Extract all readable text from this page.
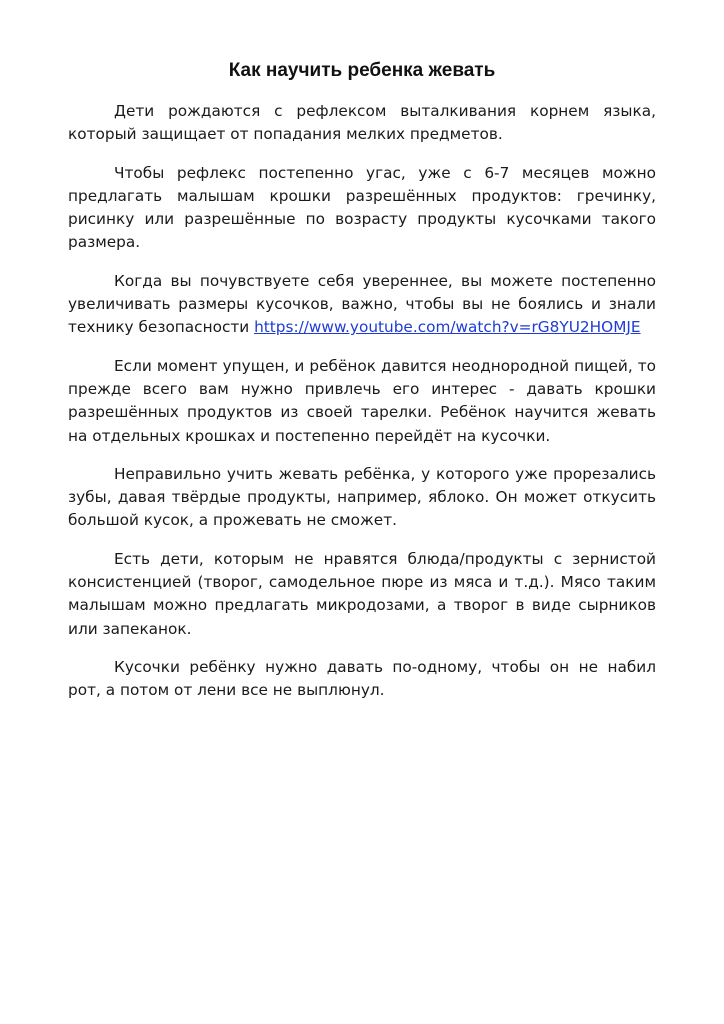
Как научить ребенка жевать

Дети рождаются с рефлексом выталкивания корнем языка, который защищает от попадания мелких предметов.

Чтобы рефлекс постепенно угас, уже с 6-7 месяцев можно предлагать малышам крошки разрешённых продуктов: гречинку, рисинку или разрешённые по возрасту продукты кусочками такого размера.

Когда вы почувствуете себя увереннее, вы можете постепенно увеличивать размеры кусочков, важно, чтобы вы не боялись и знали технику безопасности https://www.youtube.com/watch?v=rG8YU2HOMJE

Если момент упущен, и ребёнок давится неоднородной пищей, то прежде всего вам нужно привлечь его интерес - давать крошки разрешённых продуктов из своей тарелки. Ребёнок научится жевать на отдельных крошках и постепенно перейдёт на кусочки.

Неправильно учить жевать ребёнка, у которого уже прорезались зубы, давая твёрдые продукты, например, яблоко. Он может откусить большой кусок, а прожевать не сможет.

Есть дети, которым не нравятся блюда/продукты с зернистой консистенцией (творог, самодельное пюре из мяса и т.д.). Мясо таким малышам можно предлагать микродозами, а творог в виде сырников или запеканок.

Кусочки ребёнку нужно давать по-одному, чтобы он не набил рот, а потом от лени все не выплюнул.
